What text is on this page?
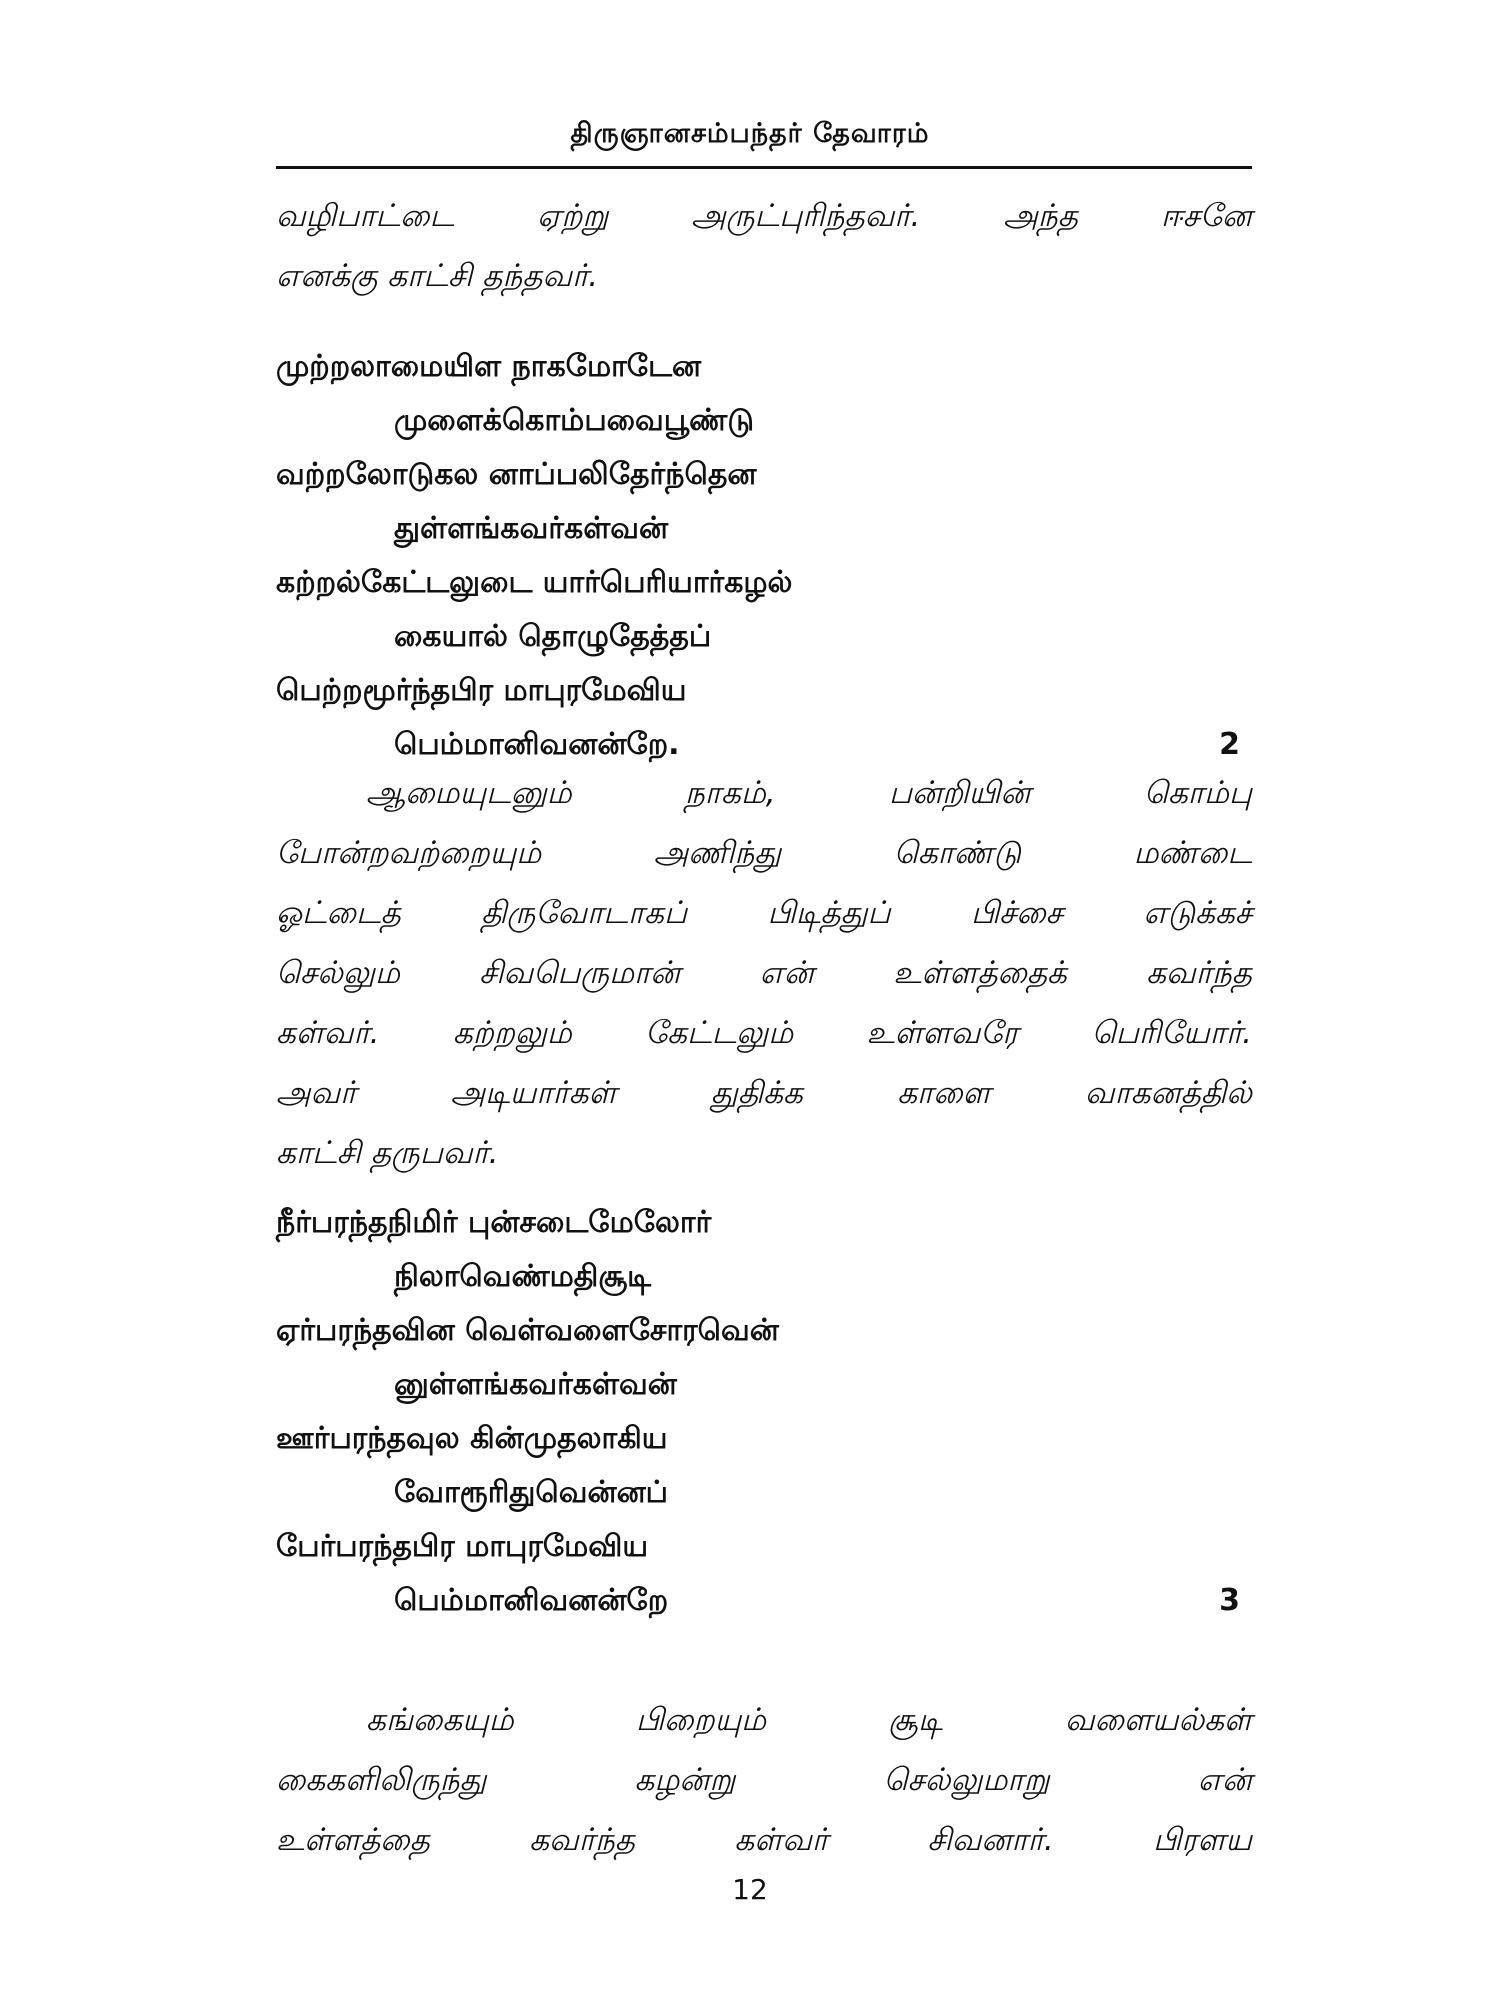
திருஞானசம்பந்தர் தேவாரம்
வழிபாட்டை ஏற்று அருட்புரிந்தவர். அந்த ஈசனே
எனக்கு காட்சி தந்தவர்.
முற்றலாமையிள நாகமோடேன
முளைக்கொம்பவைபூண்டு
வற்றலோடுகல னாப்பலிதேர்ந்தென
துள்ளங்கவர்கள்வன்
கற்றல்கேட்டலுடை யார்பெரியார்கழல்
கையால் தொழுதேத்தப்
பெற்றமூர்ந்தபிர மாபுரமேவிய
பெம்மானிவனன்றே.	2
ஆமையுடனும் நாகம், பன்றியின் கொம்பு
போன்றவற்றையும் அணிந்து கொண்டு மண்டை
ஓட்டைத் திருவோடாகப் பிடித்துப் பிச்சை எடுக்கச்
செல்லும் சிவபெருமான் என் உள்ளத்தைக் கவர்ந்த
கள்வர். கற்றலும் கேட்டலும் உள்ளவரே பெரியோர்.
அவர் அடியார்கள் துதிக்க காளை வாகனத்தில்
காட்சி தருபவர்.
நீர்பரந்தநிமிர் புன்சடைமேலோர்
நிலாவெண்மதிசூடி
ஏர்பரந்தவின வெள்வளைசோரவென்
னுள்ளங்கவர்கள்வன்
ஊர்பரந்தவுல கின்முதலாகிய
வோரூரிதுவென்னப்
பேர்பரந்தபிர மாபுரமேவிய
பெம்மானிவனன்றே	3
கங்கையும் பிறையும் சூடி வளையல்கள்
கைகளிலிருந்து கழன்று செல்லுமாறு என்
உள்ளத்தை கவர்ந்த கள்வர் சிவனார். பிரளய
12
